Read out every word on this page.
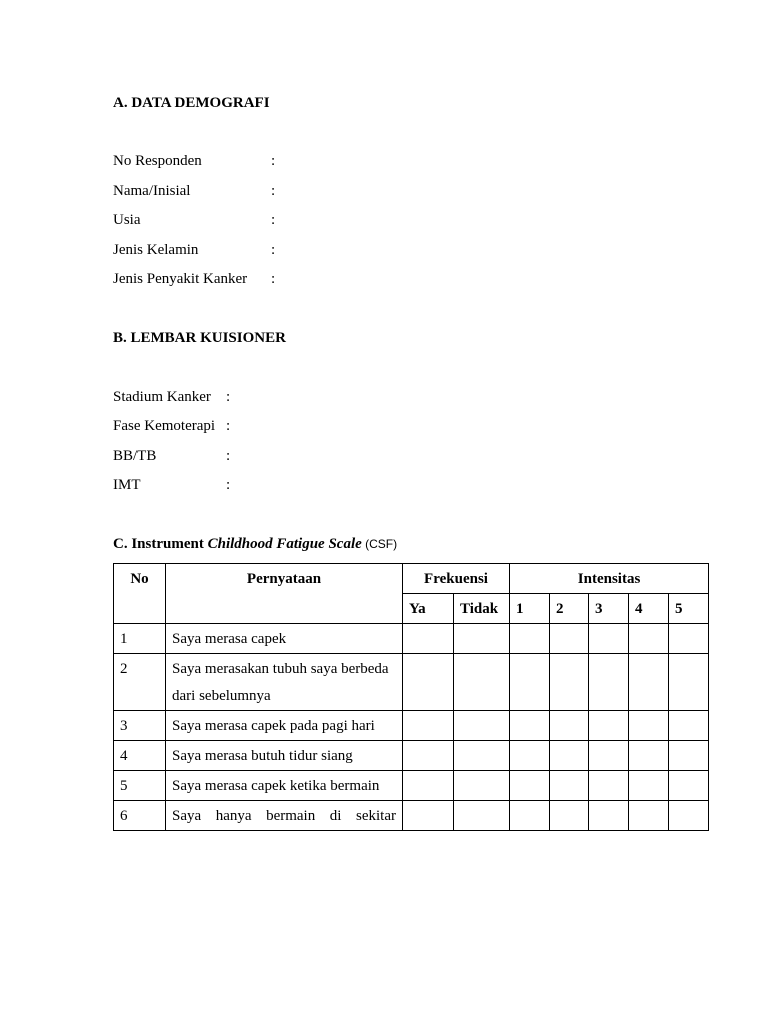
A. DATA DEMOGRAFI
No Responden	:
Nama/Inisial	:
Usia	:
Jenis Kelamin	:
Jenis Penyakit Kanker :
B. LEMBAR KUISIONER
Stadium Kanker :
Fase Kemoterapi :
BB/TB	:
IMT	:
C. Instrument Childhood Fatigue Scale (CSF)
No	Pernyataan	Frekuensi		Intensitas				
		Ya	Tidak	1	2	3	4	5
1	Saya merasa capek							
2	Saya merasakan tubuh saya berbeda
dari sebelumnya							

3	Saya merasa capek pada pagi hari							
4	Saya merasa butuh tidur siang							
5	Saya merasa capek ketika bermain							
6	Saya hanya bermain di sekitar							
